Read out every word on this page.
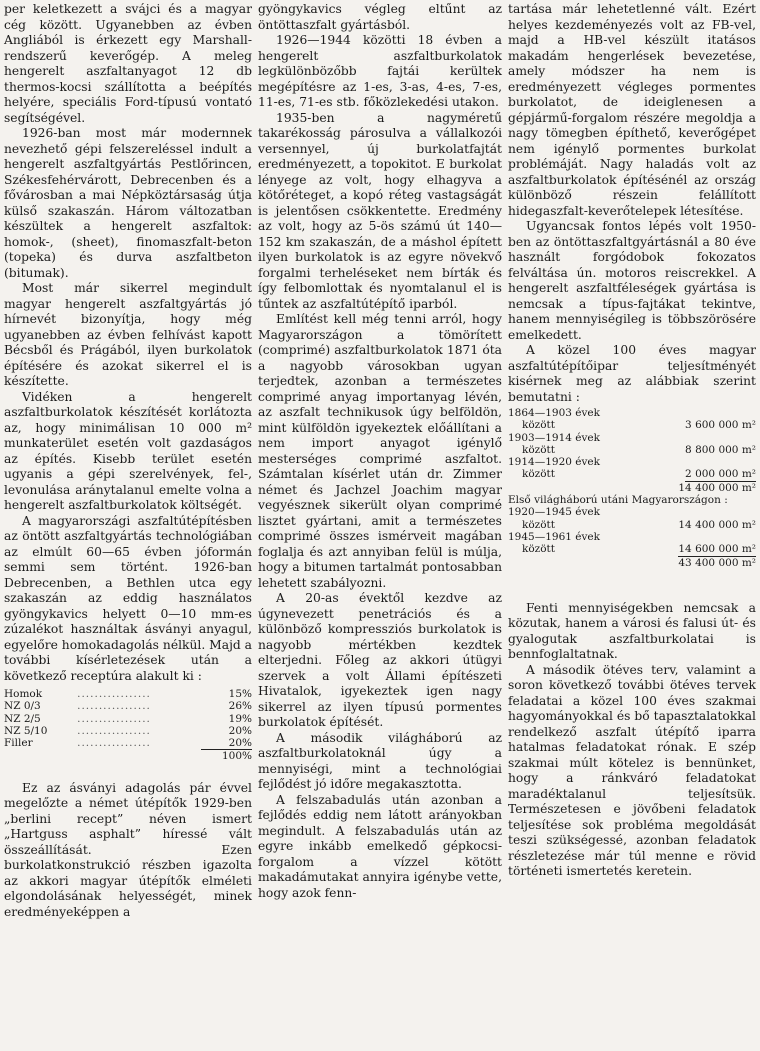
per keletkezett a svájci és a magyar cég között. Ugyanebben az évben Angliából is érkezett egy Marshall-rendszerű keverőgép. A meleg hengerelt aszfaltanyagot 12 db thermos-kocsi szállította a beépítés helyére, speciális Ford-típusú vontató segítségével.

1926-ban most már modernnek nevezhető gépi felszereléssel indult a hengerelt aszfaltgyártás Pestlőrincen, Székesfehérvárott, Debrecenben és a fővárosban a mai Népköztársaság útja külső szakaszán. Három változatban készültek a hengerelt aszfaltok: homok-, (sheet), finomaszfalt-beton (topeka) és durva aszfaltbeton (bitumak).

Most már sikerrel megindult magyar hengerelt aszfaltgyártás jó hírnevét bizonyítja, hogy még ugyanebben az évben felhívást kapott Bécsből és Prágából, ilyen burkolatok építésére és azokat sikerrel el is készítette.

Vidéken a hengerelt aszfaltburkolatok készítését korlátozta az, hogy minimálisan 10 000 m² munkaterület esetén volt gazdaságos az építés. Kisebb terület esetén ugyanis a gépi szerelvények, fel-, levonulása aránytalanul emelte volna a hengerelt aszfaltburkolatok költségét.

A magyarországi aszfaltútépítésben az öntött aszfaltgyártás technológiában az elmúlt 60—65 évben jóformán semmi sem történt. 1926-ban Debrecenben, a Bethlen utca egy szakaszán az eddig használatos gyöngykavics helyett 0—10 mm-es zúzalékot használtak ásványi anyagul, egyelőre homokadagolás nélkül. Majd a további kísérletezések után a következő receptúra alakult ki :

Homok	.................	15%
NZ 0/3	.................	26%
NZ 2/5	.................	19%
NZ 5/10	.................	20%
Filler	.................	20%
		100%

Ez az ásványi adagolás pár évvel megelőzte a német útépítők 1929-ben „berlini recept” néven ismert „Hartguss asphalt” híressé vált összeállítását. Ezen burkolatkonstrukció részben igazolta az akkori magyar útépítők elméleti elgondolásának helyességét, minek eredményeképpen a

gyöngykavics végleg eltűnt az öntöttaszfalt gyártásból.

1926—1944 közötti 18 évben a hengerelt aszfaltburkolatok legkülönbözőbb fajtái kerültek megépítésre az 1-es, 3-as, 4-es, 7-es, 11-es, 71-es stb. főközlekedési utakon.

1935-ben a nagyméretű takarékosság párosulva a vállalkozói versennyel, új burkolatfajtát eredményezett, a topokitot. E burkolat lényege az volt, hogy elhagyva a kötőréteget, a kopó réteg vastagságát is jelentősen csökkentette. Eredmény az volt, hogy az 5-ös számú út 140—152 km szakaszán, de a máshol épített ilyen burkolatok is az egyre növekvő forgalmi terheléseket nem bírták és így felbomlottak és nyomtalanul el is tűntek az aszfaltútépítő iparból.

Említést kell még tenni arról, hogy Magyarországon a tömörített (comprimé) aszfaltburkolatok 1871 óta a nagyobb városokban ugyan terjedtek, azonban a természetes comprimé anyag importanyag lévén, az aszfalt technikusok úgy belföldön, mint külföldön igyekeztek előállítani a nem import anyagot igénylő mesterséges comprimé aszfaltot. Számtalan kísérlet után dr. Zimmer német és Jachzel Joachim magyar vegyésznek sikerült olyan comprimé lisztet gyártani, amit a természetes comprimé összes ismérveit magában foglalja és azt annyiban felül is múlja, hogy a bitumen tartalmát pontosabban lehetett szabályozni.

A 20-as évektől kezdve az úgynevezett penetrációs és a különböző kompressziós burkolatok is nagyobb mértékben kezdtek elterjedni. Főleg az akkori útügyi szervek a volt Állami építészeti Hivatalok, igyekeztek igen nagy sikerrel az ilyen típusú pormentes burkolatok építését.

A második világháború az aszfaltburkolatoknál úgy a mennyiségi, mint a technológiai fejlődést jó időre megakasztotta.

A felszabadulás után azonban a fejlődés eddig nem látott arányokban megindult. A felszabadulás után az egyre inkább emelkedő gépkocsi-forgalom a vízzel kötött makadámutakat annyira igénybe vette, hogy azok fenn-

tartása már lehetetlenné vált. Ezért helyes kezdeményezés volt az FB-vel, majd a HB-vel készült itatásos makadám hengerlések bevezetése, amely módszer ha nem is eredményezett végleges pormentes burkolatot, de ideiglenesen a gépjármű-forgalom részére megoldja a nagy tömegben építhető, keverőgépet nem igénylő pormentes burkolat problémáját. Nagy haladás volt az aszfaltburkolatok építésénél az ország különböző részein felállított hidegaszfalt-keverőtelepek létesítése.

Ugyancsak fontos lépés volt 1950-ben az öntöttaszfaltgyártásnál a 80 éve használt forgódobok fokozatos felváltása ún. motoros reiscrekkel. A hengerelt aszfaltféleségek gyártása is nemcsak a típus-fajtákat tekintve, hanem mennyiségileg is többszörösére emelkedett.

A közel 100 éves magyar aszfaltútépítőipar teljesítményét kisérnek meg az alábbiak szerint bemutatni :

1864—1903 évek
között	3 600 000 m²
1903—1914 évek
között	8 800 000 m²
1914—1920 évek
között	2 000 000 m²
14 400 000 m²
Első világháború utáni Magyarországon :
1920—1945 évek
között	14 400 000 m²
1945—1961 évek
között	14 600 000 m²
43 400 000 m²

Fenti mennyiségekben nemcsak a közutak, hanem a városi és falusi út- és gyalogutak aszfaltburkolatai is bennfoglaltatnak.

A második ötéves terv, valamint a soron következő további ötéves tervek feladatai a közel 100 éves szakmai hagyományokkal és bő tapasztalatokkal rendelkező aszfalt útépítő iparra hatalmas feladatokat rónak. E szép szakmai múlt kötelez is bennünket, hogy a ránkváró feladatokat maradéktalanul teljesítsük. Természetesen e jövőbeni feladatok teljesítése sok probléma megoldását teszi szükségessé, azonban feladatok részletezése már túl menne e rövid történeti ismertetés keretein.
